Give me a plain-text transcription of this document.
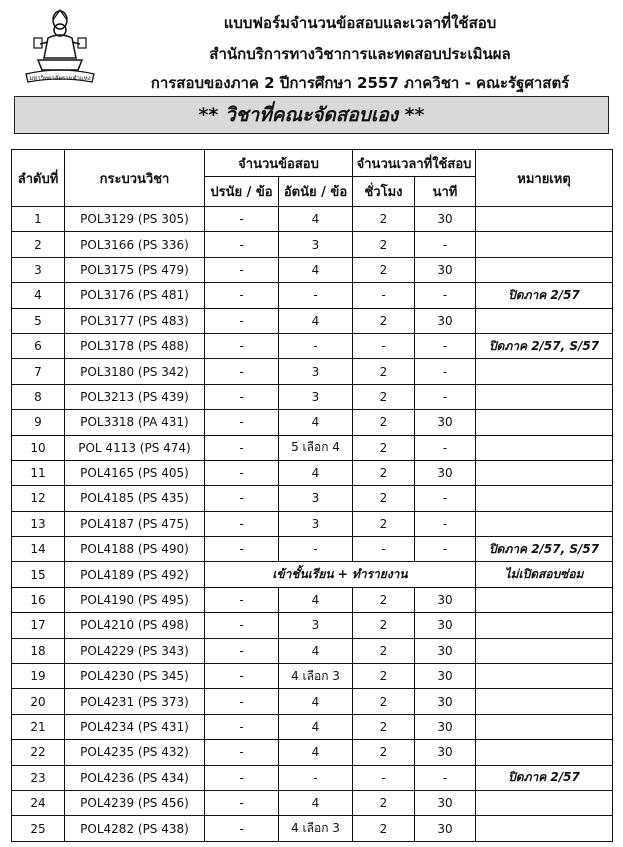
มหาวิทยาลัยรามคำแหง
แบบฟอร์มจำนวนข้อสอบและเวลาที่ใช้สอบ
สำนักบริการทางวิชาการและทดสอบประเมินผล
การสอบของภาค 2 ปีการศึกษา 2557 ภาควิชา - คณะรัฐศาสตร์
** วิชาที่คณะจัดสอบเอง **
ลำดับที่	กระบวนวิชา	จำนวนข้อสอบ		จำนวนเวลาที่ใช้สอบ		หมายเหตุ
		ปรนัย / ข้อ	อัตนัย / ข้อ	ชั่วโมง	นาที	
1	POL3129 (PS 305)	-	4	2	30	
2	POL3166 (PS 336)	-	3	2	-	
3	POL3175 (PS 479)	-	4	2	30	
4	POL3176 (PS 481)	-	-	-	-	ปิดภาค 2/57
5	POL3177 (PS 483)	-	4	2	30	
6	POL3178 (PS 488)	-	-	-	-	ปิดภาค 2/57, S/57
7	POL3180 (PS 342)	-	3	2	-	
8	POL3213 (PS 439)	-	3	2	-	
9	POL3318 (PA 431)	-	4	2	30	
10	POL 4113 (PS 474)	-	5 เลือก 4	2	-	
11	POL4165 (PS 405)	-	4	2	30	
12	POL4185 (PS 435)	-	3	2	-	
13	POL4187 (PS 475)	-	3	2	-	
14	POL4188 (PS 490)	-	-	-	-	ปิดภาค 2/57, S/57
15	POL4189 (PS 492)	เข้าชั้นเรียน + ทำรายงาน				ไม่เปิดสอบซ่อม
16	POL4190 (PS 495)	-	4	2	30	
17	POL4210 (PS 498)	-	3	2	30	
18	POL4229 (PS 343)	-	4	2	30	
19	POL4230 (PS 345)	-	4 เลือก 3	2	30	
20	POL4231 (PS 373)	-	4	2	30	
21	POL4234 (PS 431)	-	4	2	30	
22	POL4235 (PS 432)	-	4	2	30	
23	POL4236 (PS 434)	-	-	-	-	ปิดภาค 2/57
24	POL4239 (PS 456)	-	4	2	30	
25	POL4282 (PS 438)	-	4 เลือก 3	2	30	
